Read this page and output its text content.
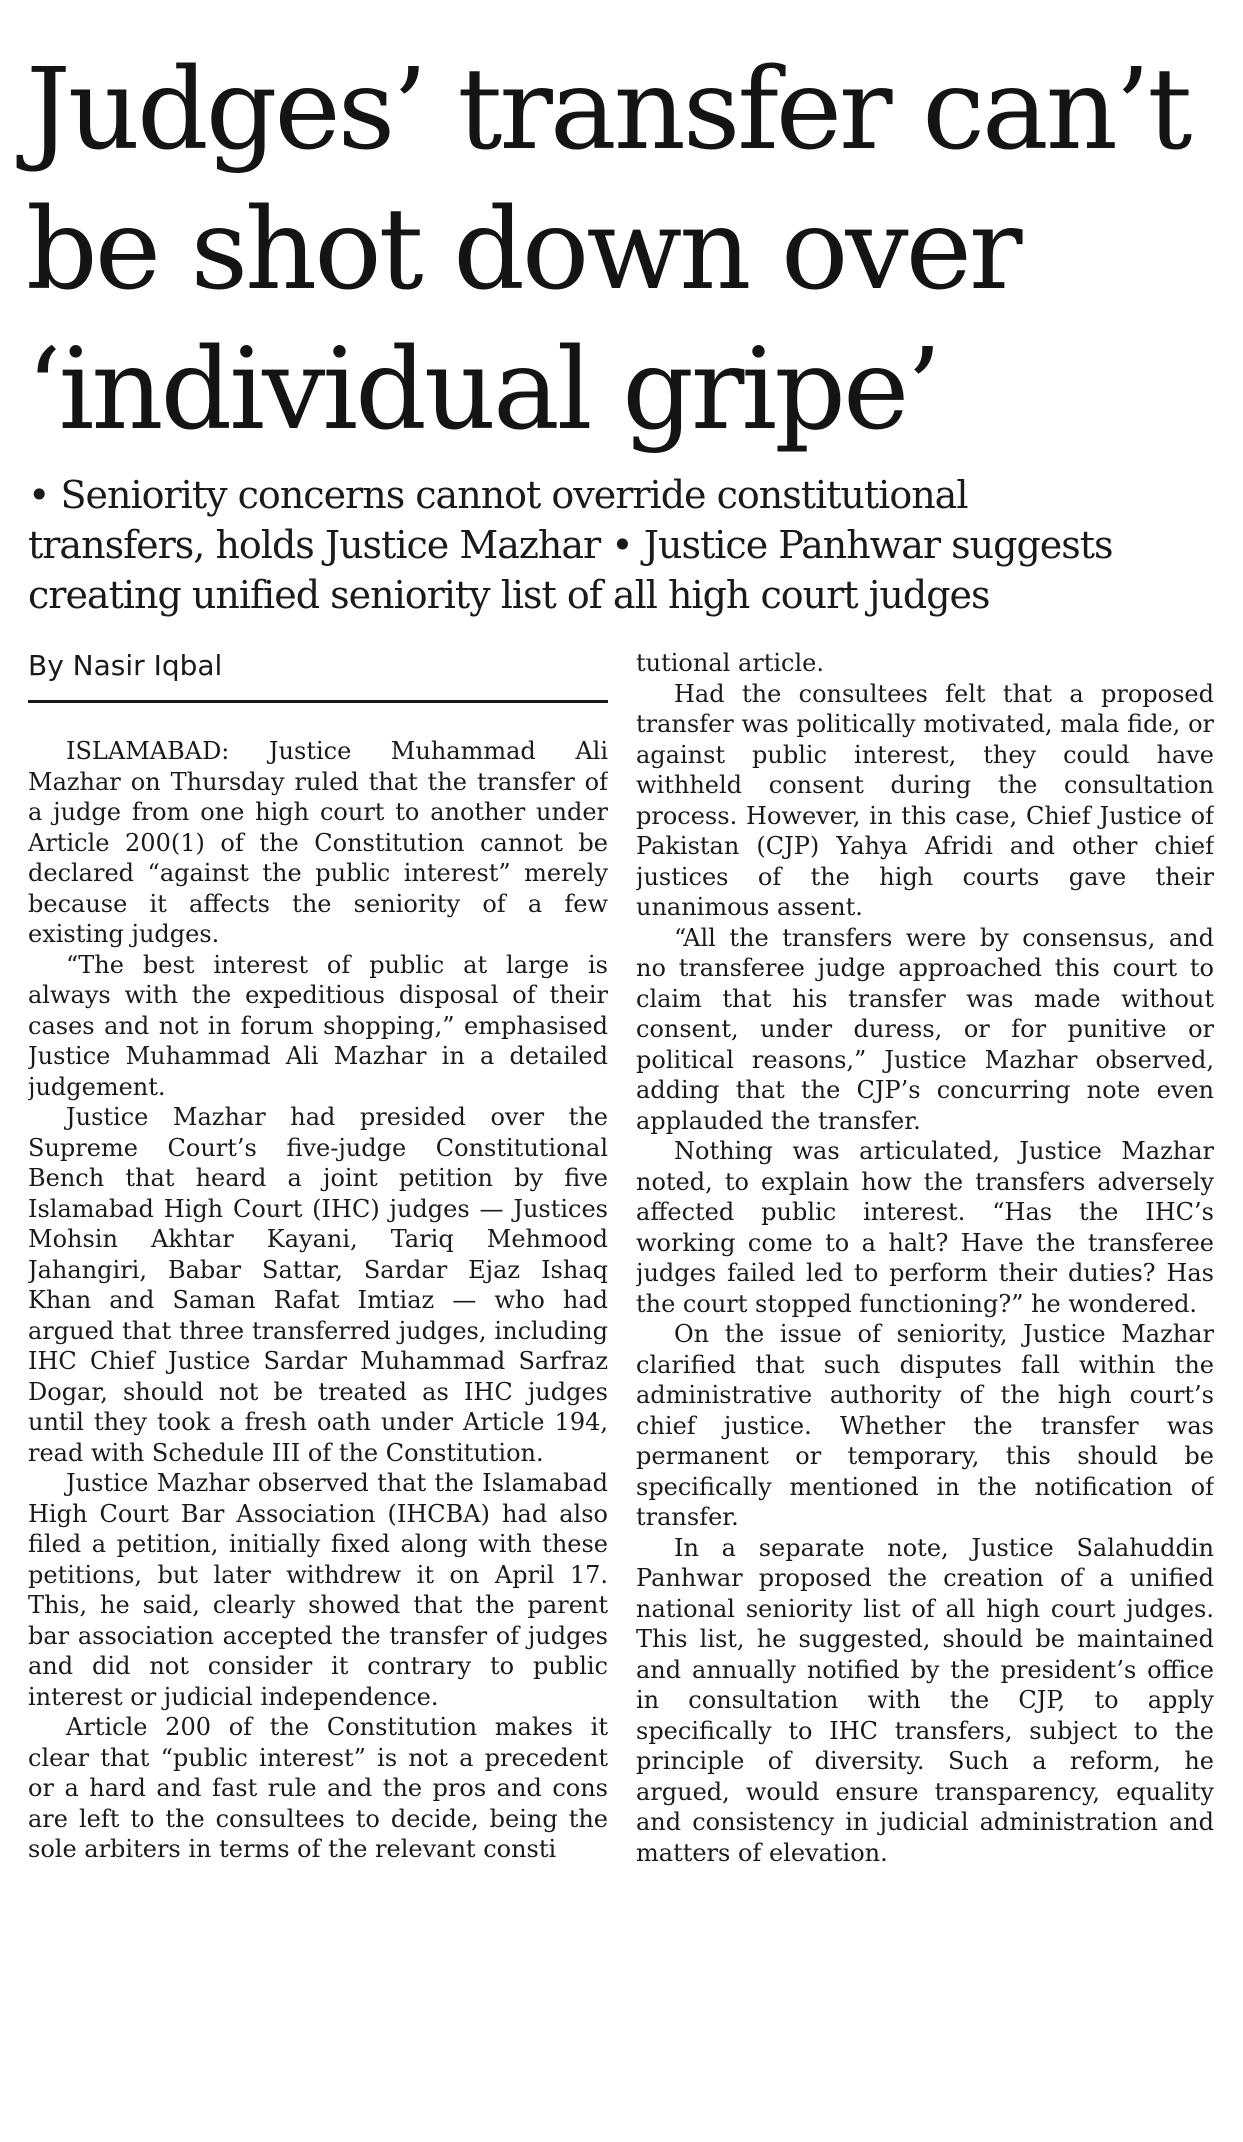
Judges’ transfer can’t
be shot down over
‘individual gripe’
• Seniority concerns cannot override constitutional
transfers, holds Justice Mazhar • Justice Panhwar suggests
creating unified seniority list of all high court judges
By Nasir Iqbal

ISLAMABAD: Justice Muhammad Ali Mazhar on Thursday ruled that the transfer of a judge from one high court to another under Article 200(1) of the Constitution cannot be declared “against the public interest” merely because it affects the seniority of a few existing judges.

“The best interest of public at large is always with the expeditious disposal of their cases and not in forum shopping,” emphasised Justice Muhammad Ali Mazhar in a detailed judgement.

Justice Mazhar had presided over the Supreme Court’s five-judge Constitutional Bench that heard a joint petition by five Islamabad High Court (IHC) judges — Justices Mohsin Akhtar Kayani, Tariq Mehmood Jahangiri, Babar Sattar, Sardar Ejaz Ishaq Khan and Saman Rafat Imtiaz — who had argued that three transferred judges, including IHC Chief Justice Sardar Muhammad Sarfraz Dogar, should not be treated as IHC judges until they took a fresh oath under Article 194, read with Schedule III of the Constitution.

Justice Mazhar observed that the Islamabad High Court Bar Association (IHCBA) had also filed a petition, initially fixed along with these petitions, but later withdrew it on April 17. This, he said, clearly showed that the parent bar association accepted the transfer of judges and did not consider it contrary to public interest or judicial independence.

Article 200 of the Constitution makes it clear that “public interest” is not a precedent or a hard and fast rule and the pros and cons are left to the consultees to decide, being the sole arbiters in terms of the relevant consti

tutional article.

Had the consultees felt that a proposed transfer was politically motivated, mala fide, or against public interest, they could have withheld consent during the consultation process. However, in this case, Chief Justice of Pakistan (CJP) Yahya Afridi and other chief justices of the high courts gave their unanimous assent.

“All the transfers were by consensus, and no transferee judge approached this court to claim that his transfer was made without consent, under duress, or for punitive or political reasons,” Justice Mazhar observed, adding that the CJP’s concurring note even applauded the transfer.

Nothing was articulated, Justice Mazhar noted, to explain how the transfers adversely affected public interest. “Has the IHC’s working come to a halt? Have the transferee judges failed led to perform their duties? Has the court stopped functioning?” he wondered.

On the issue of seniority, Justice Mazhar clarified that such disputes fall within the administrative authority of the high court’s chief justice. Whether the transfer was permanent or temporary, this should be specifically mentioned in the notification of transfer.

In a separate note, Justice Salahuddin Panhwar proposed the creation of a unified national seniority list of all high court judges. This list, he suggested, should be maintained and annually notified by the president’s office in consultation with the CJP, to apply specifically to IHC transfers, subject to the principle of diversity. Such a reform, he argued, would ensure transparency, equality and consistency in judicial administration and matters of elevation.
